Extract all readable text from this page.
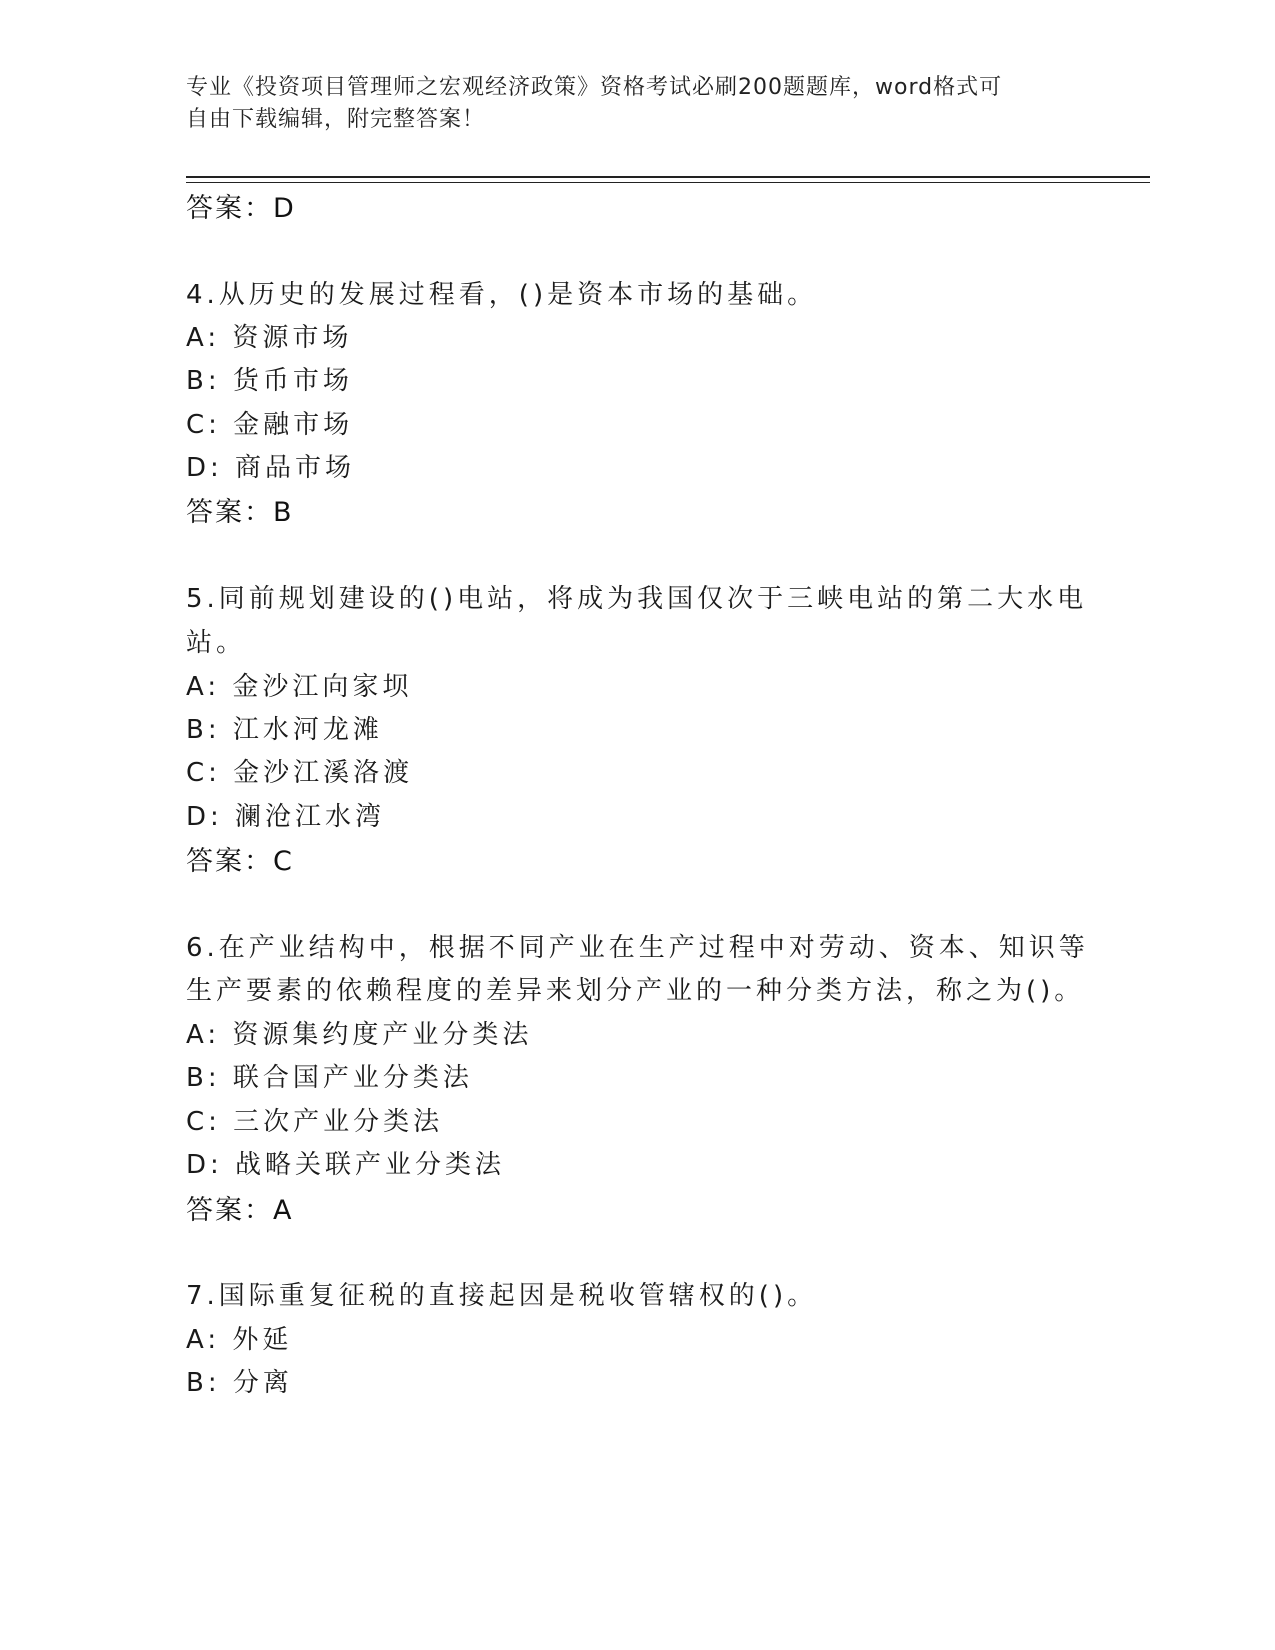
专业《投资项目管理师之宏观经济政策》资格考试必刷200题题库，word格式可
自由下载编辑，附完整答案！
答案：D
4.从历史的发展过程看，()是资本市场的基础。
A: 资源市场
B: 货币市场
C: 金融市场
D: 商品市场
答案：B
5.同前规划建设的()电站，将成为我国仅次于三峡电站的第二大水电
站。
A: 金沙江向家坝
B: 江水河龙滩
C: 金沙江溪洛渡
D: 澜沧江水湾
答案：C
6.在产业结构中，根据不同产业在生产过程中对劳动、资本、知识等
生产要素的依赖程度的差异来划分产业的一种分类方法，称之为()。
A: 资源集约度产业分类法
B: 联合国产业分类法
C: 三次产业分类法
D: 战略关联产业分类法
答案：A
7.国际重复征税的直接起因是税收管辖权的()。
A: 外延
B: 分离
